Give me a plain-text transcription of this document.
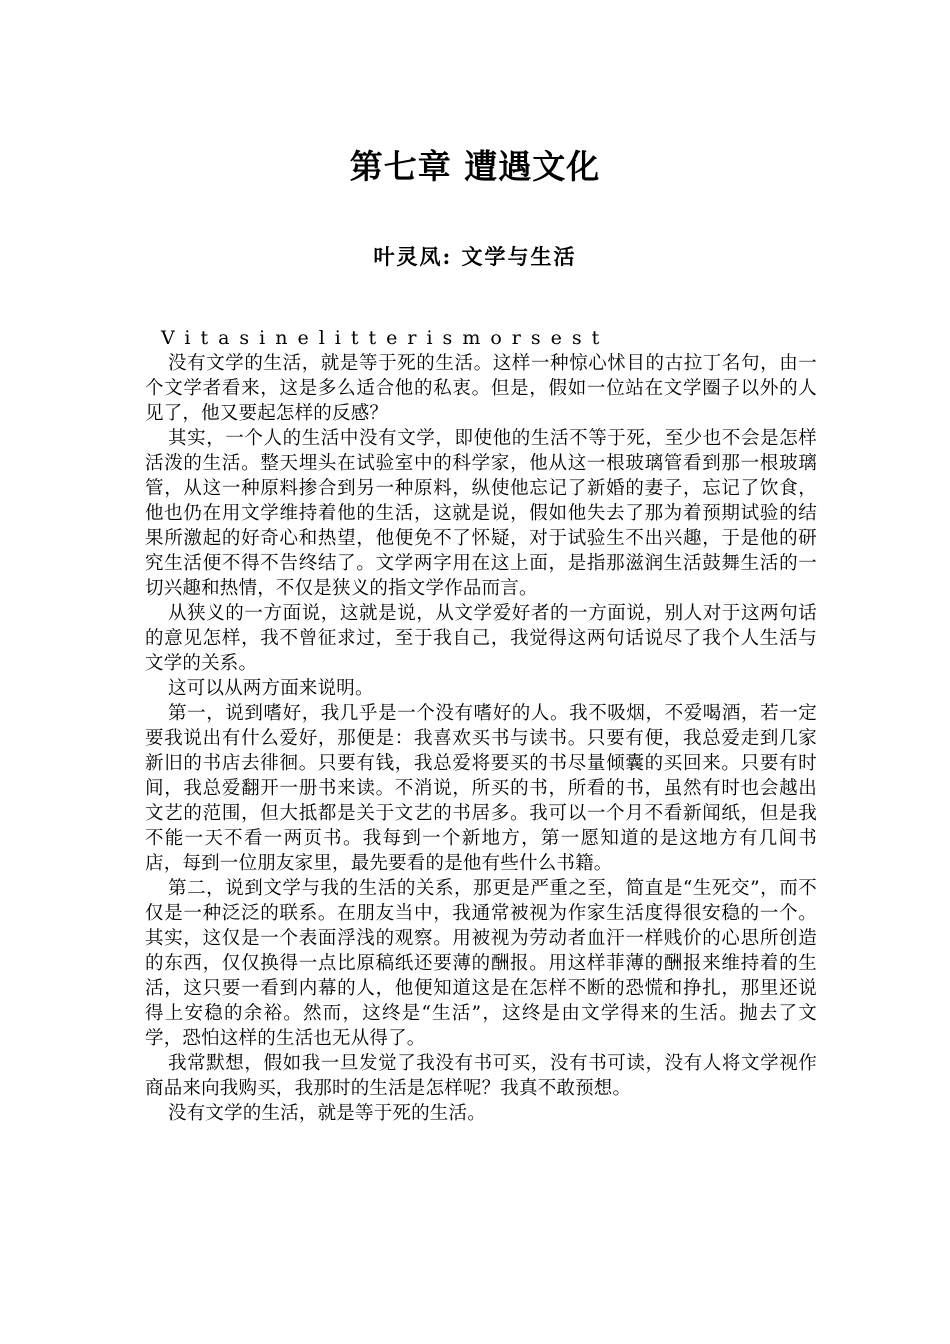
第七章 遭遇文化
叶灵凤: 文学与生活

Vitasinelitterismorsest

没有文学的生活，就是等于死的生活。这样一种惊心怵目的古拉丁名句，由一个文学者看来，这是多么适合他的私衷。但是，假如一位站在文学圈子以外的人见了，他又要起怎样的反感？

其实，一个人的生活中没有文学，即使他的生活不等于死，至少也不会是怎样活泼的生活。整天埋头在试验室中的科学家，他从这一根玻璃管看到那一根玻璃管，从这一种原料掺合到另一种原料，纵使他忘记了新婚的妻子，忘记了饮食，他也仍在用文学维持着他的生活，这就是说，假如他失去了那为着预期试验的结果所激起的好奇心和热望，他便免不了怀疑，对于试验生不出兴趣，于是他的研究生活便不得不告终结了。文学两字用在这上面，是指那滋润生活鼓舞生活的一切兴趣和热情，不仅是狭义的指文学作品而言。

从狭义的一方面说，这就是说，从文学爱好者的一方面说，别人对于这两句话的意见怎样，我不曾征求过，至于我自己，我觉得这两句话说尽了我个人生活与文学的关系。

这可以从两方面来说明。

第一，说到嗜好，我几乎是一个没有嗜好的人。我不吸烟，不爱喝酒，若一定要我说出有什么爱好，那便是：我喜欢买书与读书。只要有便，我总爱走到几家新旧的书店去徘徊。只要有钱，我总爱将要买的书尽量倾囊的买回来。只要有时间，我总爱翻开一册书来读。不消说，所买的书，所看的书，虽然有时也会越出文艺的范围，但大抵都是关于文艺的书居多。我可以一个月不看新闻纸，但是我不能一天不看一两页书。我每到一个新地方，第一愿知道的是这地方有几间书店，每到一位朋友家里，最先要看的是他有些什么书籍。

第二，说到文学与我的生活的关系，那更是严重之至，简直是“生死交”，而不仅是一种泛泛的联系。在朋友当中，我通常被视为作家生活度得很安稳的一个。其实，这仅是一个表面浮浅的观察。用被视为劳动者血汗一样贱价的心思所创造的东西，仅仅换得一点比原稿纸还要薄的酬报。用这样菲薄的酬报来维持着的生活，这只要一看到内幕的人，他便知道这是在怎样不断的恐慌和挣扎，那里还说得上安稳的余裕。然而，这终是“生活”，这终是由文学得来的生活。抛去了文学，恐怕这样的生活也无从得了。

我常默想，假如我一旦发觉了我没有书可买，没有书可读，没有人将文学视作商品来向我购买，我那时的生活是怎样呢？我真不敢预想。

没有文学的生活，就是等于死的生活。
